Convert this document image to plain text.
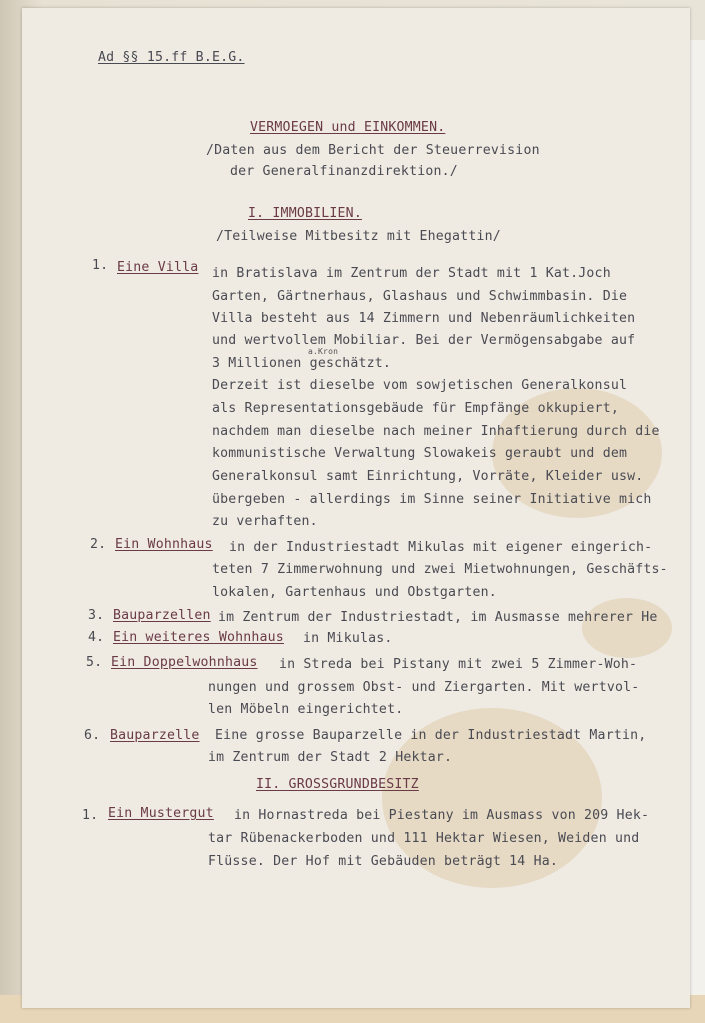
Ad §§ 15.ff B.E.G.
VERMOEGEN und EINKOMMEN.
/Daten aus dem Bericht der Steuerrevision
der Generalfinanzdirektion./
I. IMMOBILIEN.
/Teilweise Mitbesitz mit Ehegattin/
1. Eine Villa in Bratislava im Zentrum der Stadt mit 1 Kat.Joch
Garten, Gärtnerhaus, Glashaus und Schwimmbasin. Die
Villa besteht aus 14 Zimmern und Nebenräumlichkeiten
und wertvollem Mobiliar. Bei der Vermögensabgabe auf
a.Kron
3 Millionen geschätzt.
Derzeit ist dieselbe vom sowjetischen Generalkonsul
als Representationsgebäude für Empfänge okkupiert,
nachdem man dieselbe nach meiner Inhaftierung durch die
kommunistische Verwaltung Slowakeis geraubt und dem
Generalkonsul samt Einrichtung, Vorräte, Kleider usw.
übergeben - allerdings im Sinne seiner Initiative mich
zu verhaften.
2. Ein Wohnhaus in der Industriestadt Mikulas mit eigener eingerich-
teten 7 Zimmerwohnung und zwei Mietwohnungen, Geschäfts-
lokalen, Gartenhaus und Obstgarten.
3. Bauparzellen im Zentrum der Industriestadt, im Ausmasse mehrerer He
4. Ein weiteres Wohnhaus in Mikulas.
5. Ein Doppelwohnhaus in Streda bei Pistany mit zwei 5 Zimmer-Woh-
nungen und grossem Obst- und Ziergarten. Mit wertvol-
len Möbeln eingerichtet.
6. Bauparzelle Eine grosse Bauparzelle in der Industriestadt Martin,
im Zentrum der Stadt 2 Hektar.
II. GROSSGRUNDBESITZ
1. Ein Mustergut in Hornastreda bei Piestany im Ausmass von 209 Hek-
tar Rübenackerboden und 111 Hektar Wiesen, Weiden und
Flüsse. Der Hof mit Gebäuden beträgt 14 Ha.
